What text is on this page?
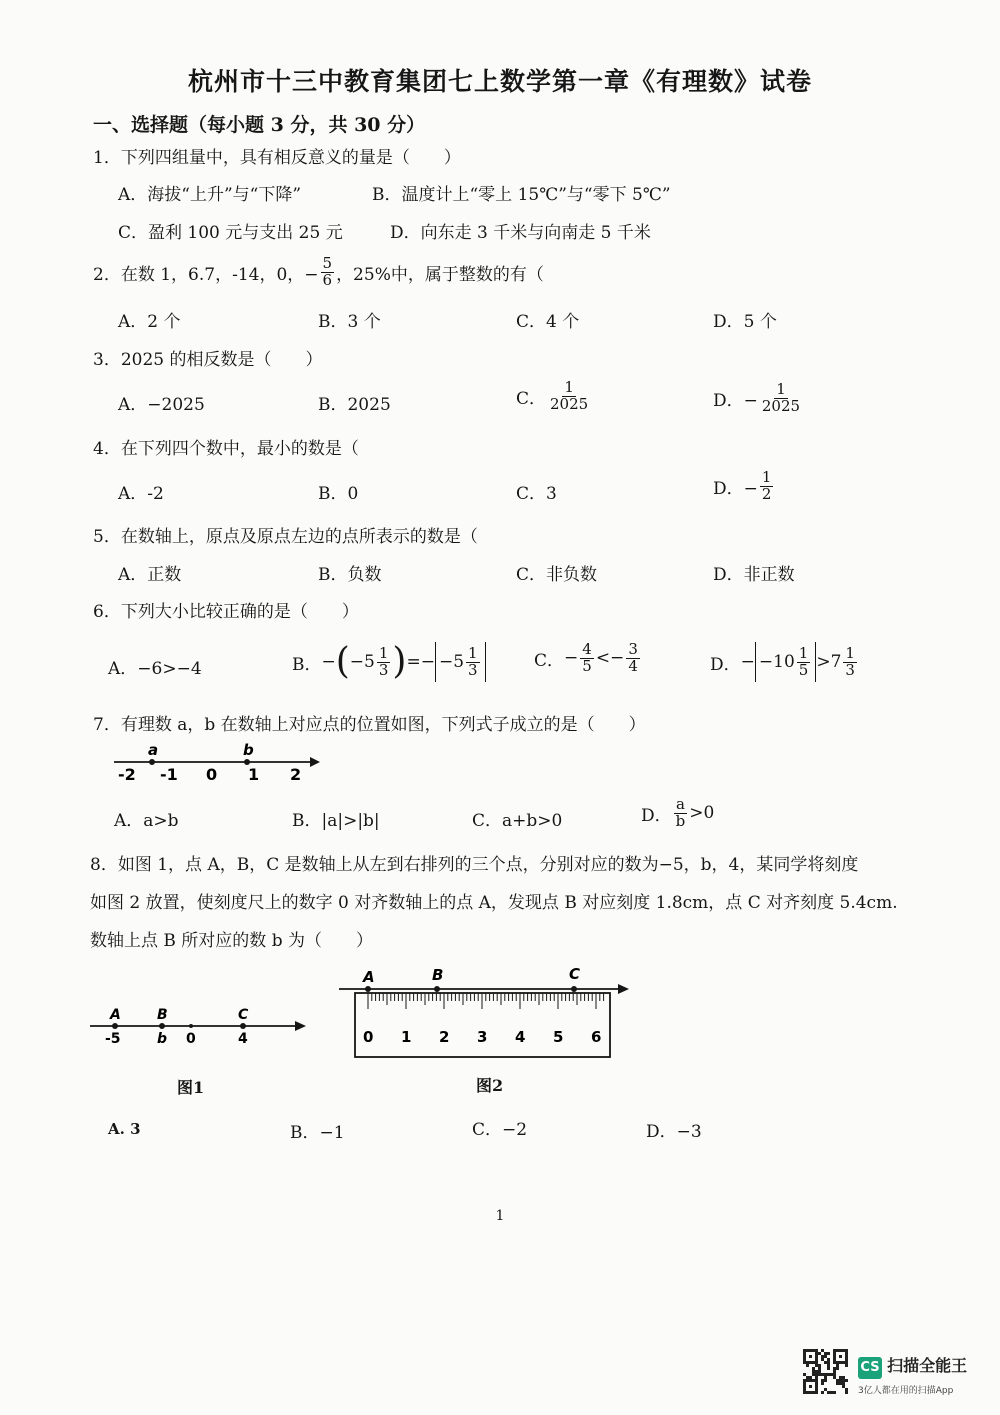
杭州市十三中教育集团七上数学第一章《有理数》试卷
一、选择题（每小题 3 分，共 30 分）
1．下列四组量中，具有相反意义的量是（　　）
A．海拔“上升”与“下降”	B．温度计上“零上 15℃”与“零下 5℃”
C．盈利 100 元与支出 25 元	D．向东走 3 千米与向南走 5 千米
2．在数 1，6.7，-14，0，− $\frac{5}{6}$ ，25%中，属于整数的有（
A．2 个	B．3 个	C．4 个	D．5 个
3．2025 的相反数是（　　）
A．−2025	B．2025	C． $\frac{1}{2025}$	D．− $\frac{1}{2025}$
4．在下列四个数中，最小的数是（
A．-2	B．0	C．3	D．− $\frac{1}{2}$
5．在数轴上，原点及原点左边的点所表示的数是（
A．正数	B．负数	C．非负数	D．非正数
6．下列大小比较正确的是（　　）
A．−6>−4	B． − ( $-5 \frac{1}{3}$ ) =− $-5 \frac{1}{3}$	C． − $\frac{4}{5} <- \frac{3}{4}$	D． − $-10 \frac{1}{5} >7 \frac{1}{3}$
7．有理数 a，b 在数轴上对应点的位置如图，下列式子成立的是（　　）
a	b
-2 -1 0 1 2
A．a>b	B．|a|>|b|	C．a+b>0	D． $\frac{a}{b} >0$
8．如图 1，点 A，B，C 是数轴上从左到右排列的三个点，分别对应的数为−5，b，4，某同学将刻度
如图 2 放置，使刻度尺上的数字 0 对齐数轴上的点 A，发现点 B 对应刻度 1.8cm，点 C 对齐刻度 5.4cm.
数轴上点 B 所对应的数 b 为（　　）
A	B	C
-5	b 0	4
图1
A	B	C
0 1 2 3 4 5 6
图2
A. 3	B．−1	C．−2	D．−3
1
CS 扫描全能王
3亿人都在用的扫描App
